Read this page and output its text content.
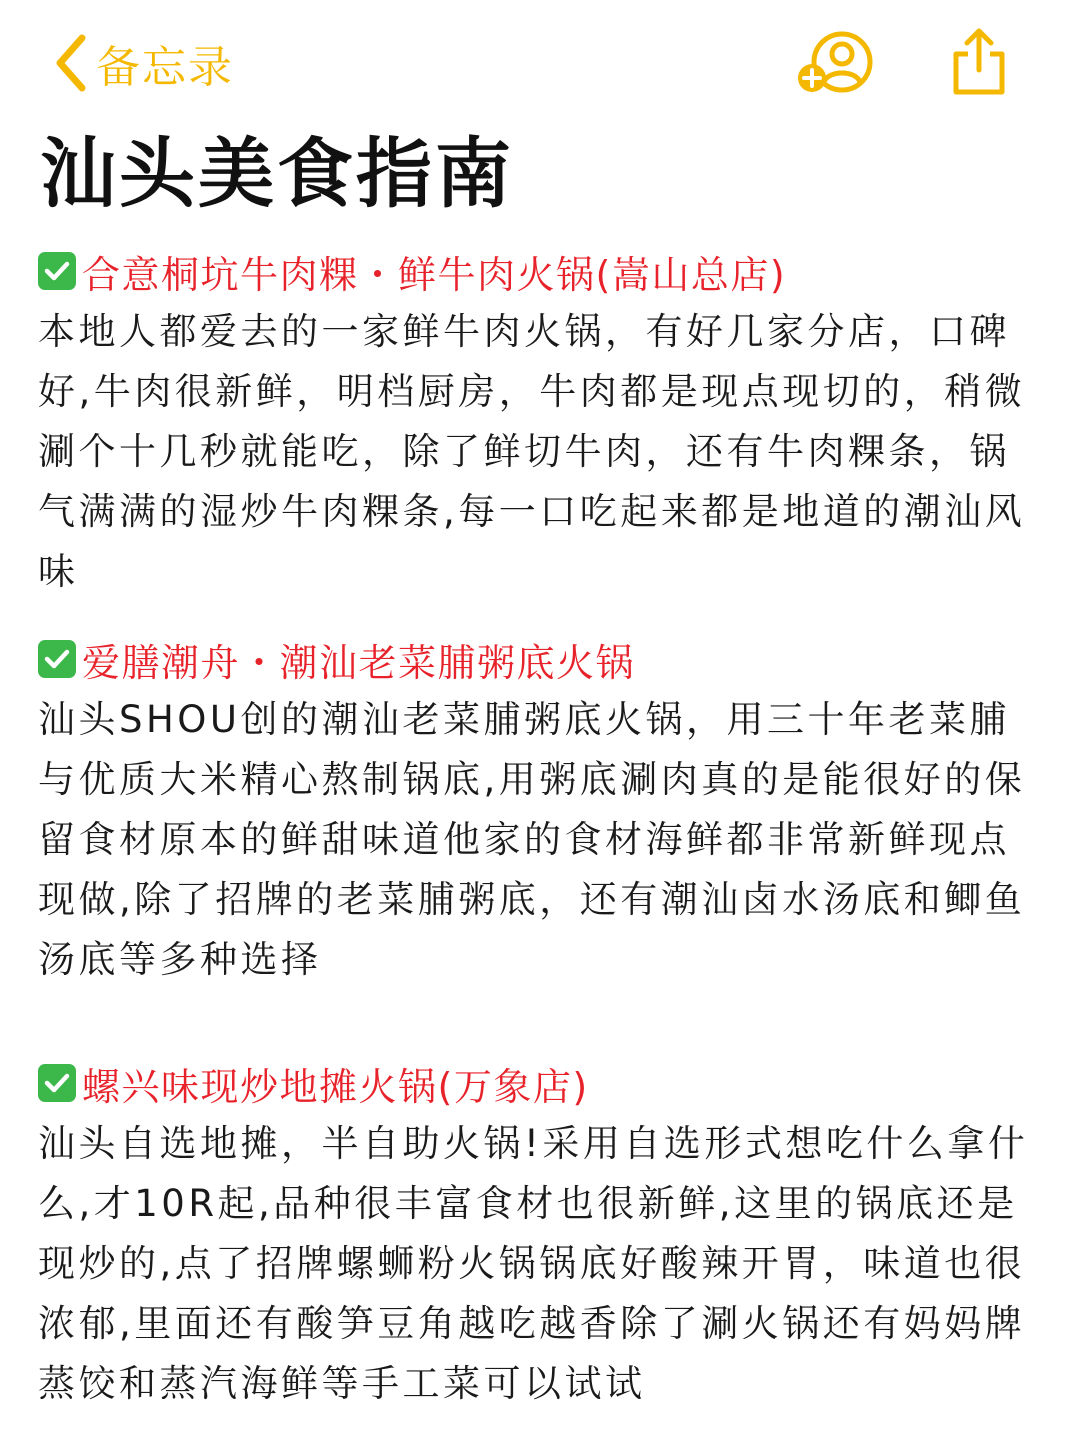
备忘录
汕头美食指南
合意桐坑牛肉粿・鲜牛肉火锅(嵩山总店)

本地人都爱去的一家鲜牛肉火锅，有好几家分店，口碑好,牛肉很新鲜，明档厨房，牛肉都是现点现切的，稍微涮个十几秒就能吃，除了鲜切牛肉，还有牛肉粿条，锅气满满的湿炒牛肉粿条,每一口吃起来都是地道的潮汕风味

爱膳潮舟・潮汕老菜脯粥底火锅

汕头SHOU创的潮汕老菜脯粥底火锅，用三十年老菜脯与优质大米精心熬制锅底,用粥底涮肉真的是能很好的保留食材原本的鲜甜味道他家的食材海鲜都非常新鲜现点现做,除了招牌的老菜脯粥底，还有潮汕卤水汤底和鲫鱼汤底等多种选择

螺兴味现炒地摊火锅(万象店)

汕头自选地摊，半自助火锅!采用自选形式想吃什么拿什么,才10R起,品种很丰富食材也很新鲜,这里的锅底还是现炒的,点了招牌螺蛳粉火锅锅底好酸辣开胃，味道也很浓郁,里面还有酸笋豆角越吃越香除了涮火锅还有妈妈牌蒸饺和蒸汽海鲜等手工菜可以试试
